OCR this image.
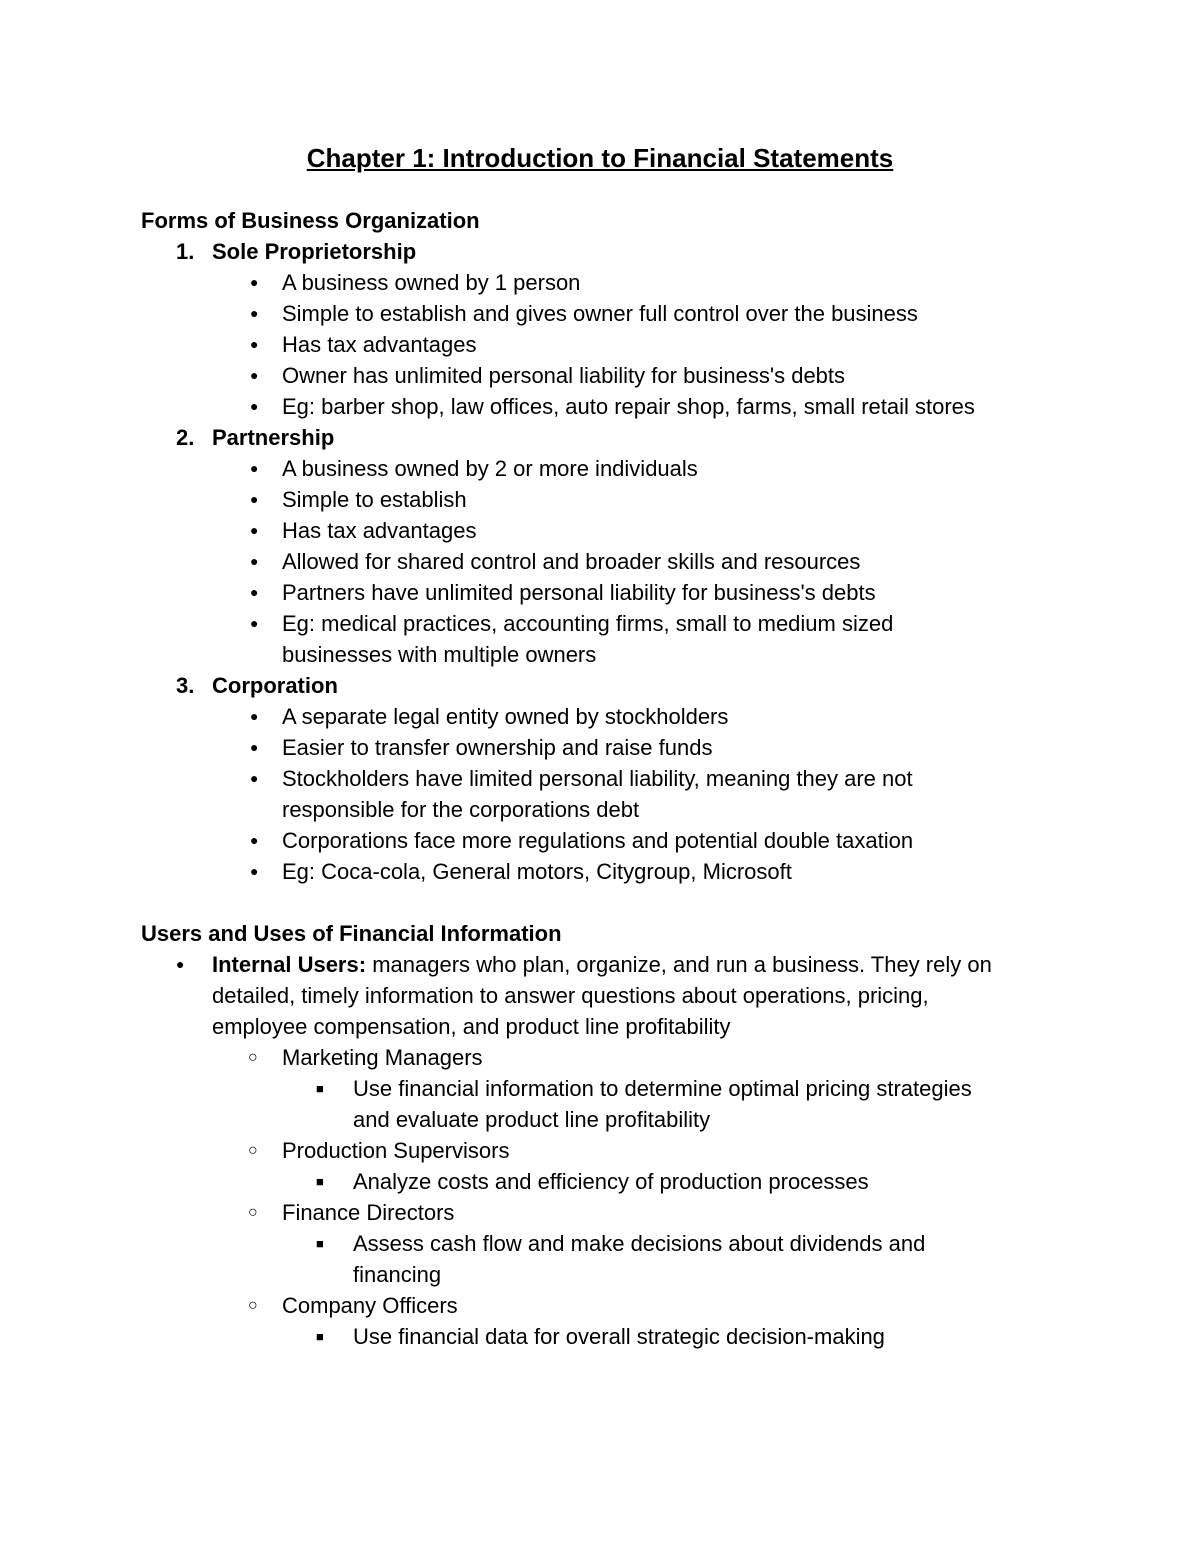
Chapter 1: Introduction to Financial Statements
Forms of Business Organization
1. Sole Proprietorship
● A business owned by 1 person
● Simple to establish and gives owner full control over the business
● Has tax advantages
● Owner has unlimited personal liability for business's debts
● Eg: barber shop, law offices, auto repair shop, farms, small retail stores
2. Partnership
● A business owned by 2 or more individuals
● Simple to establish
● Has tax advantages
● Allowed for shared control and broader skills and resources
● Partners have unlimited personal liability for business's debts
● Eg: medical practices, accounting firms, small to medium sized
businesses with multiple owners
3. Corporation
● A separate legal entity owned by stockholders
● Easier to transfer ownership and raise funds
● Stockholders have limited personal liability, meaning they are not
responsible for the corporations debt
● Corporations face more regulations and potential double taxation
● Eg: Coca-cola, General motors, Citygroup, Microsoft
Users and Uses of Financial Information
● Internal Users: managers who plan, organize, and run a business. They rely on
detailed, timely information to answer questions about operations, pricing,
employee compensation, and product line profitability
○ Marketing Managers
■ Use financial information to determine optimal pricing strategies
and evaluate product line profitability
○ Production Supervisors
■ Analyze costs and efficiency of production processes
○ Finance Directors
■ Assess cash flow and make decisions about dividends and
financing
○ Company Officers
■ Use financial data for overall strategic decision-making
